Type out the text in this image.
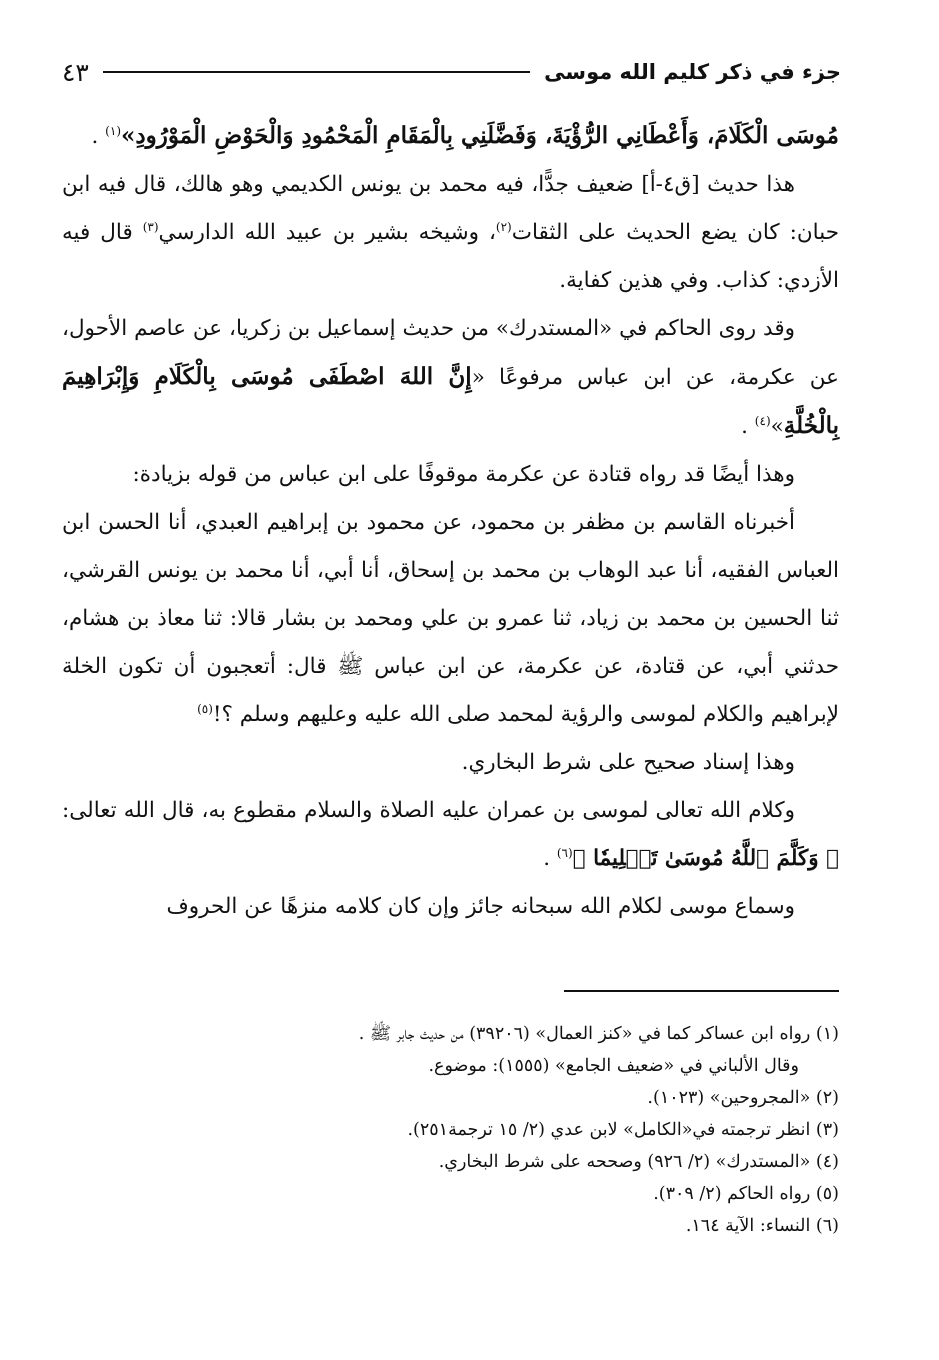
جزء في ذكر كليم الله موسى
٤٣

مُوسَى الْكَلَامَ، وَأَعْطَانِي الرُّؤْيَةَ، وَفَضَّلَنِي بِالْمَقَامِ الْمَحْمُودِ وَالْحَوْضِ الْمَوْرُودِ»$^{(١)}$ .

هذا حديث [ق٤-أ] ضعيف جدًّا، فيه محمد بن يونس الكديمي وهو هالك، قال فيه ابن حبان: كان يضع الحديث على الثقات$^{(٢)}$، وشيخه بشير بن عبيد الله الدارسي$^{(٣)}$ قال فيه الأزدي: كذاب. وفي هذين كفاية.

وقد روى الحاكم في «المستدرك» من حديث إسماعيل بن زكريا، عن عاصم الأحول، عن عكرمة، عن ابن عباس مرفوعًا «إِنَّ اللهَ اصْطَفَى مُوسَى بِالْكَلَامِ وَإِبْرَاهِيمَ بِالْخُلَّةِ»$^{(٤)}$ .

وهذا أيضًا قد رواه قتادة عن عكرمة موقوفًا على ابن عباس من قوله بزيادة:

أخبرناه القاسم بن مظفر بن محمود، عن محمود بن إبراهيم العبدي، أنا الحسن ابن العباس الفقيه، أنا عبد الوهاب بن محمد بن إسحاق، أنا أبي، أنا محمد بن يونس القرشي، ثنا الحسين بن محمد بن زياد، ثنا عمرو بن علي ومحمد بن بشار قالا: ثنا معاذ بن هشام، حدثني أبي، عن قتادة، عن عكرمة، عن ابن عباس ﷺ قال: أتعجبون أن تكون الخلة لإبراهيم والكلام لموسى والرؤية لمحمد صلى الله عليه وعليهم وسلم ؟!$^{(٥)}$

وهذا إسناد صحيح على شرط البخاري.

وكلام الله تعالى لموسى بن عمران عليه الصلاة والسلام مقطوع به، قال الله تعالى: ﴿ وَكَلَّمَ ٱللَّهُ مُوسَىٰ تَكۡلِيمٗا ﴾$^{(٦)}$ .

وسماع موسى لكلام الله سبحانه جائز وإن كان كلامه منزهًا عن الحروف

(١) رواه ابن عساكر كما في «كنز العمال» (٣٩٢٠٦) من حديث جابر ﷺ .

وقال الألباني في «ضعيف الجامع» (١٥٥٥): موضوع.

(٢) «المجروحين» (١٠٢٣).

(٣) انظر ترجمته في«الكامل» لابن عدي (٢/ ١٥ ترجمة٢٥١).

(٤) «المستدرك» (٢/ ٩٢٦) وصححه على شرط البخاري.

(٥) رواه الحاكم (٢/ ٣٠٩).

(٦) النساء: الآية ١٦٤.
